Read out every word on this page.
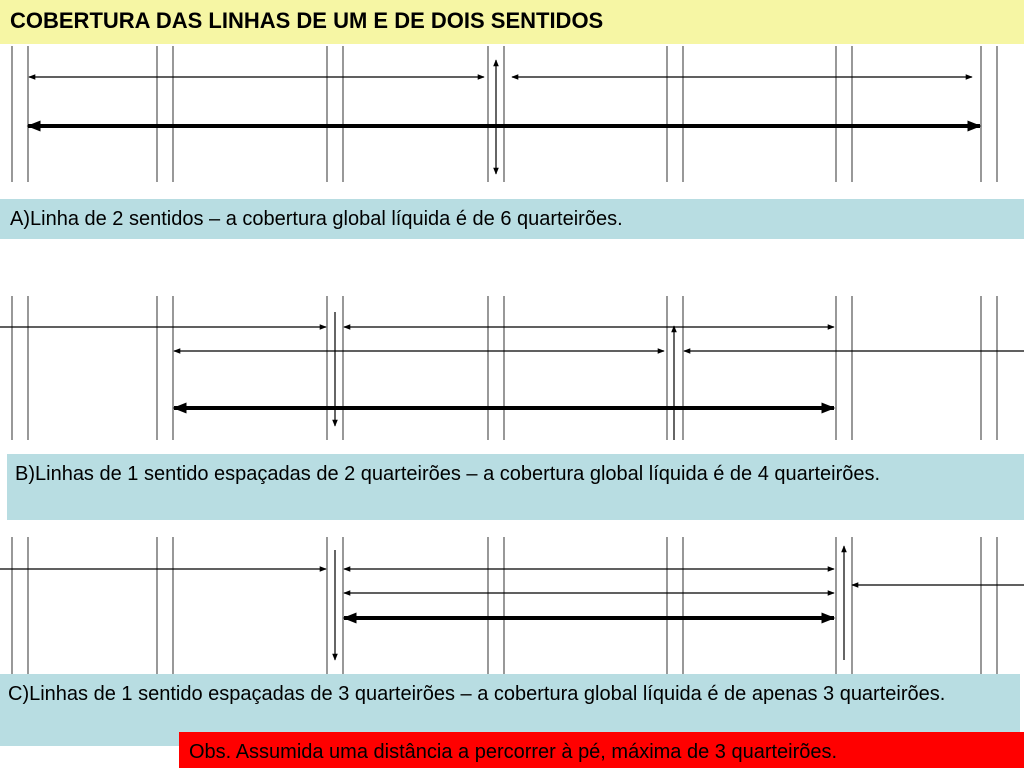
COBERTURA DAS LINHAS DE UM E DE DOIS SENTIDOS
A)Linha de 2 sentidos – a cobertura global líquida é de 6 quarteirões.
B)Linhas de 1 sentido espaçadas de 2 quarteirões – a cobertura global líquida é de 4 quarteirões.
C)Linhas de 1 sentido espaçadas de 3 quarteirões – a cobertura global líquida é de apenas 3 quarteirões.
Obs. Assumida uma distância a percorrer à pé, máxima de 3 quarteirões.
